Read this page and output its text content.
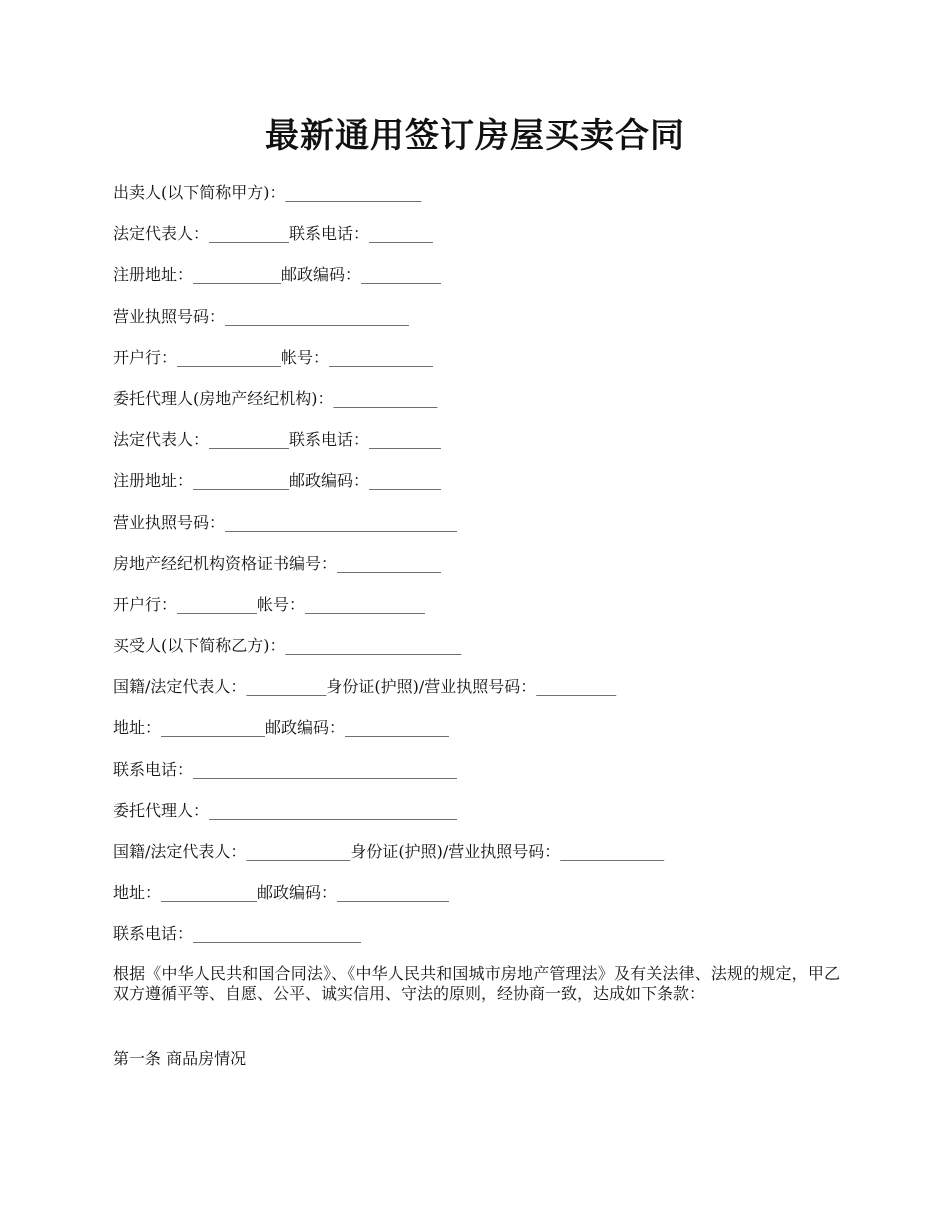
最新通用签订房屋买卖合同
出卖人(以下简称甲方)：_________________
法定代表人：__________联系电话：________
注册地址：___________邮政编码：__________
营业执照号码：_______________________
开户行：_____________帐号：_____________
委托代理人(房地产经纪机构)：_____________
法定代表人：__________联系电话：_________
注册地址：____________邮政编码：_________
营业执照号码：_____________________________
房地产经纪机构资格证书编号：_____________
开户行：__________帐号：_______________
买受人(以下简称乙方)：______________________
国籍/法定代表人：__________身份证(护照)/营业执照号码：__________
地址：_____________邮政编码：_____________
联系电话：_________________________________
委托代理人：_______________________________
国籍/法定代表人：_____________身份证(护照)/营业执照号码：_____________
地址：____________邮政编码：______________
联系电话：_____________________

根据《中华人民共和国合同法》、《中华人民共和国城市房地产管理法》及有关法律、法规的规定，甲乙双方遵循平等、自愿、公平、诚实信用、守法的原则，经协商一致，达成如下条款：

第一条 商品房情况
